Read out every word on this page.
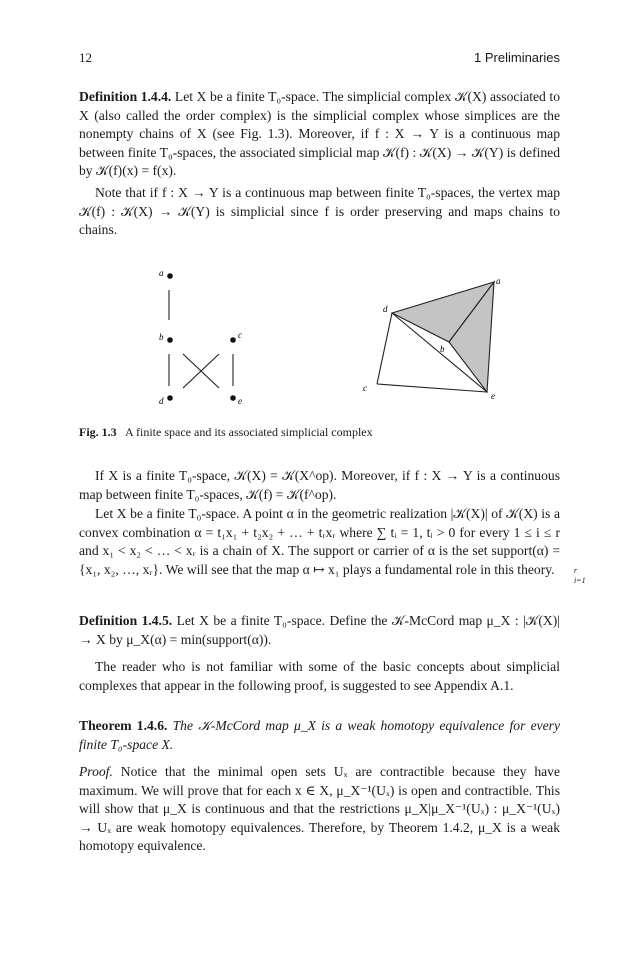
12	1 Preliminaries

Definition 1.4.4. Let X be a finite T₀-space. The simplicial complex 𝒦(X) associated to X (also called the order complex) is the simplicial complex whose simplices are the nonempty chains of X (see Fig. 1.3). Moreover, if f : X → Y is a continuous map between finite T₀-spaces, the associated simplicial map 𝒦(f) : 𝒦(X) → 𝒦(Y) is defined by 𝒦(f)(x) = f(x).

Note that if f : X → Y is a continuous map between finite T₀-spaces, the vertex map 𝒦(f) : 𝒦(X) → 𝒦(Y) is simplicial since f is order preserving and maps chains to chains.

a
b	c
d	e
a
b
c
d
e
Fig. 1.3 A finite space and its associated simplicial complex

If X is a finite T₀-space, 𝒦(X) = 𝒦(X^op). Moreover, if f : X → Y is a continuous map between finite T₀-spaces, 𝒦(f) = 𝒦(f^op).

Let X be a finite T₀-space. A point α in the geometric realization |𝒦(X)| of 𝒦(X) is a convex combination α = t₁x₁ + t₂x₂ + … + tᵣxᵣ where ∑ tᵢ = 1, tᵢ > 0 for every 1 ≤ i ≤ r and x₁ < x₂ < … < xᵣ is a chain of X. The support or carrier of α is the set support(α) = {x₁, x₂, …, xᵣ}. We will see that the map α ↦ x₁ plays a fundamental role in this theory.	r
i=1

Definition 1.4.5. Let X be a finite T₀-space. Define the 𝒦-McCord map μ_X : |𝒦(X)| → X by μ_X(α) = min(support(α)).

The reader who is not familiar with some of the basic concepts about simplicial complexes that appear in the following proof, is suggested to see Appendix A.1.

Theorem 1.4.6. The 𝒦-McCord map μ_X is a weak homotopy equivalence for every finite T₀-space X.

Proof. Notice that the minimal open sets Uₓ are contractible because they have maximum. We will prove that for each x ∈ X, μ_X⁻¹(Uₓ) is open and contractible. This will show that μ_X is continuous and that the restrictions μ_X|μ_X⁻¹(Uₓ) : μ_X⁻¹(Uₓ) → Uₓ are weak homotopy equivalences. Therefore, by Theorem 1.4.2, μ_X is a weak homotopy equivalence.
